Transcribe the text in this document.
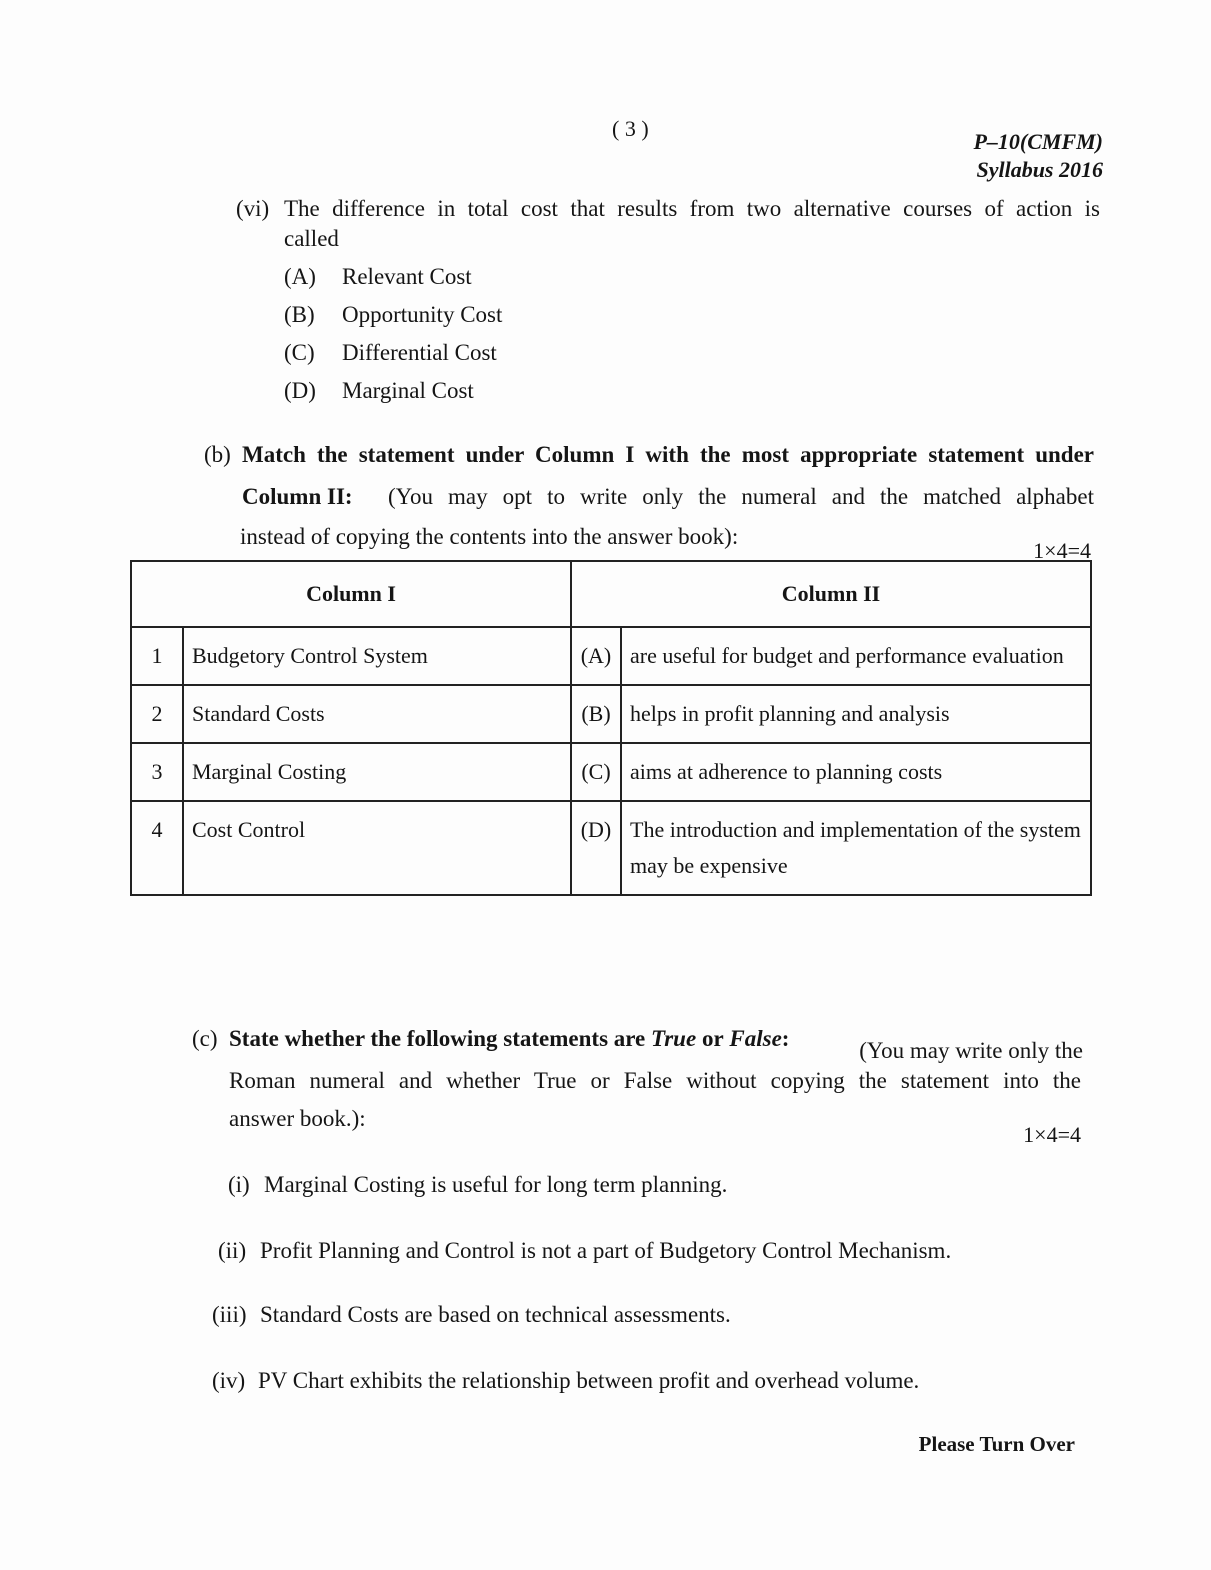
( 3 )
P–10(CMFM)
Syllabus 2016
(vi) The difference in total cost that results from two alternative courses of action is
called
(A) Relevant Cost
(B) Opportunity Cost
(C) Differential Cost
(D) Marginal Cost
(b) Match the statement under Column I with the most appropriate statement under
Column II: (You may opt to write only the numeral and the matched alphabet
instead of copying the contents into the answer book):
1×4=4
Column I		Column II	
1	Budgetory Control System	(A)	are useful for budget and performance evaluation
2	Standard Costs	(B)	helps in profit planning and analysis
3	Marginal Costing	(C)	aims at adherence to planning costs
4	Cost Control	(D)	The introduction and implementation of the system may be expensive
(c) State whether the following statements are True or False:	(You may write only the
Roman numeral and whether True or False without copying the statement into the
answer book.):
1×4=4
(i) Marginal Costing is useful for long term planning.
(ii) Profit Planning and Control is not a part of Budgetory Control Mechanism.
(iii) Standard Costs are based on technical assessments.
(iv) PV Chart exhibits the relationship between profit and overhead volume.
Please Turn Over
